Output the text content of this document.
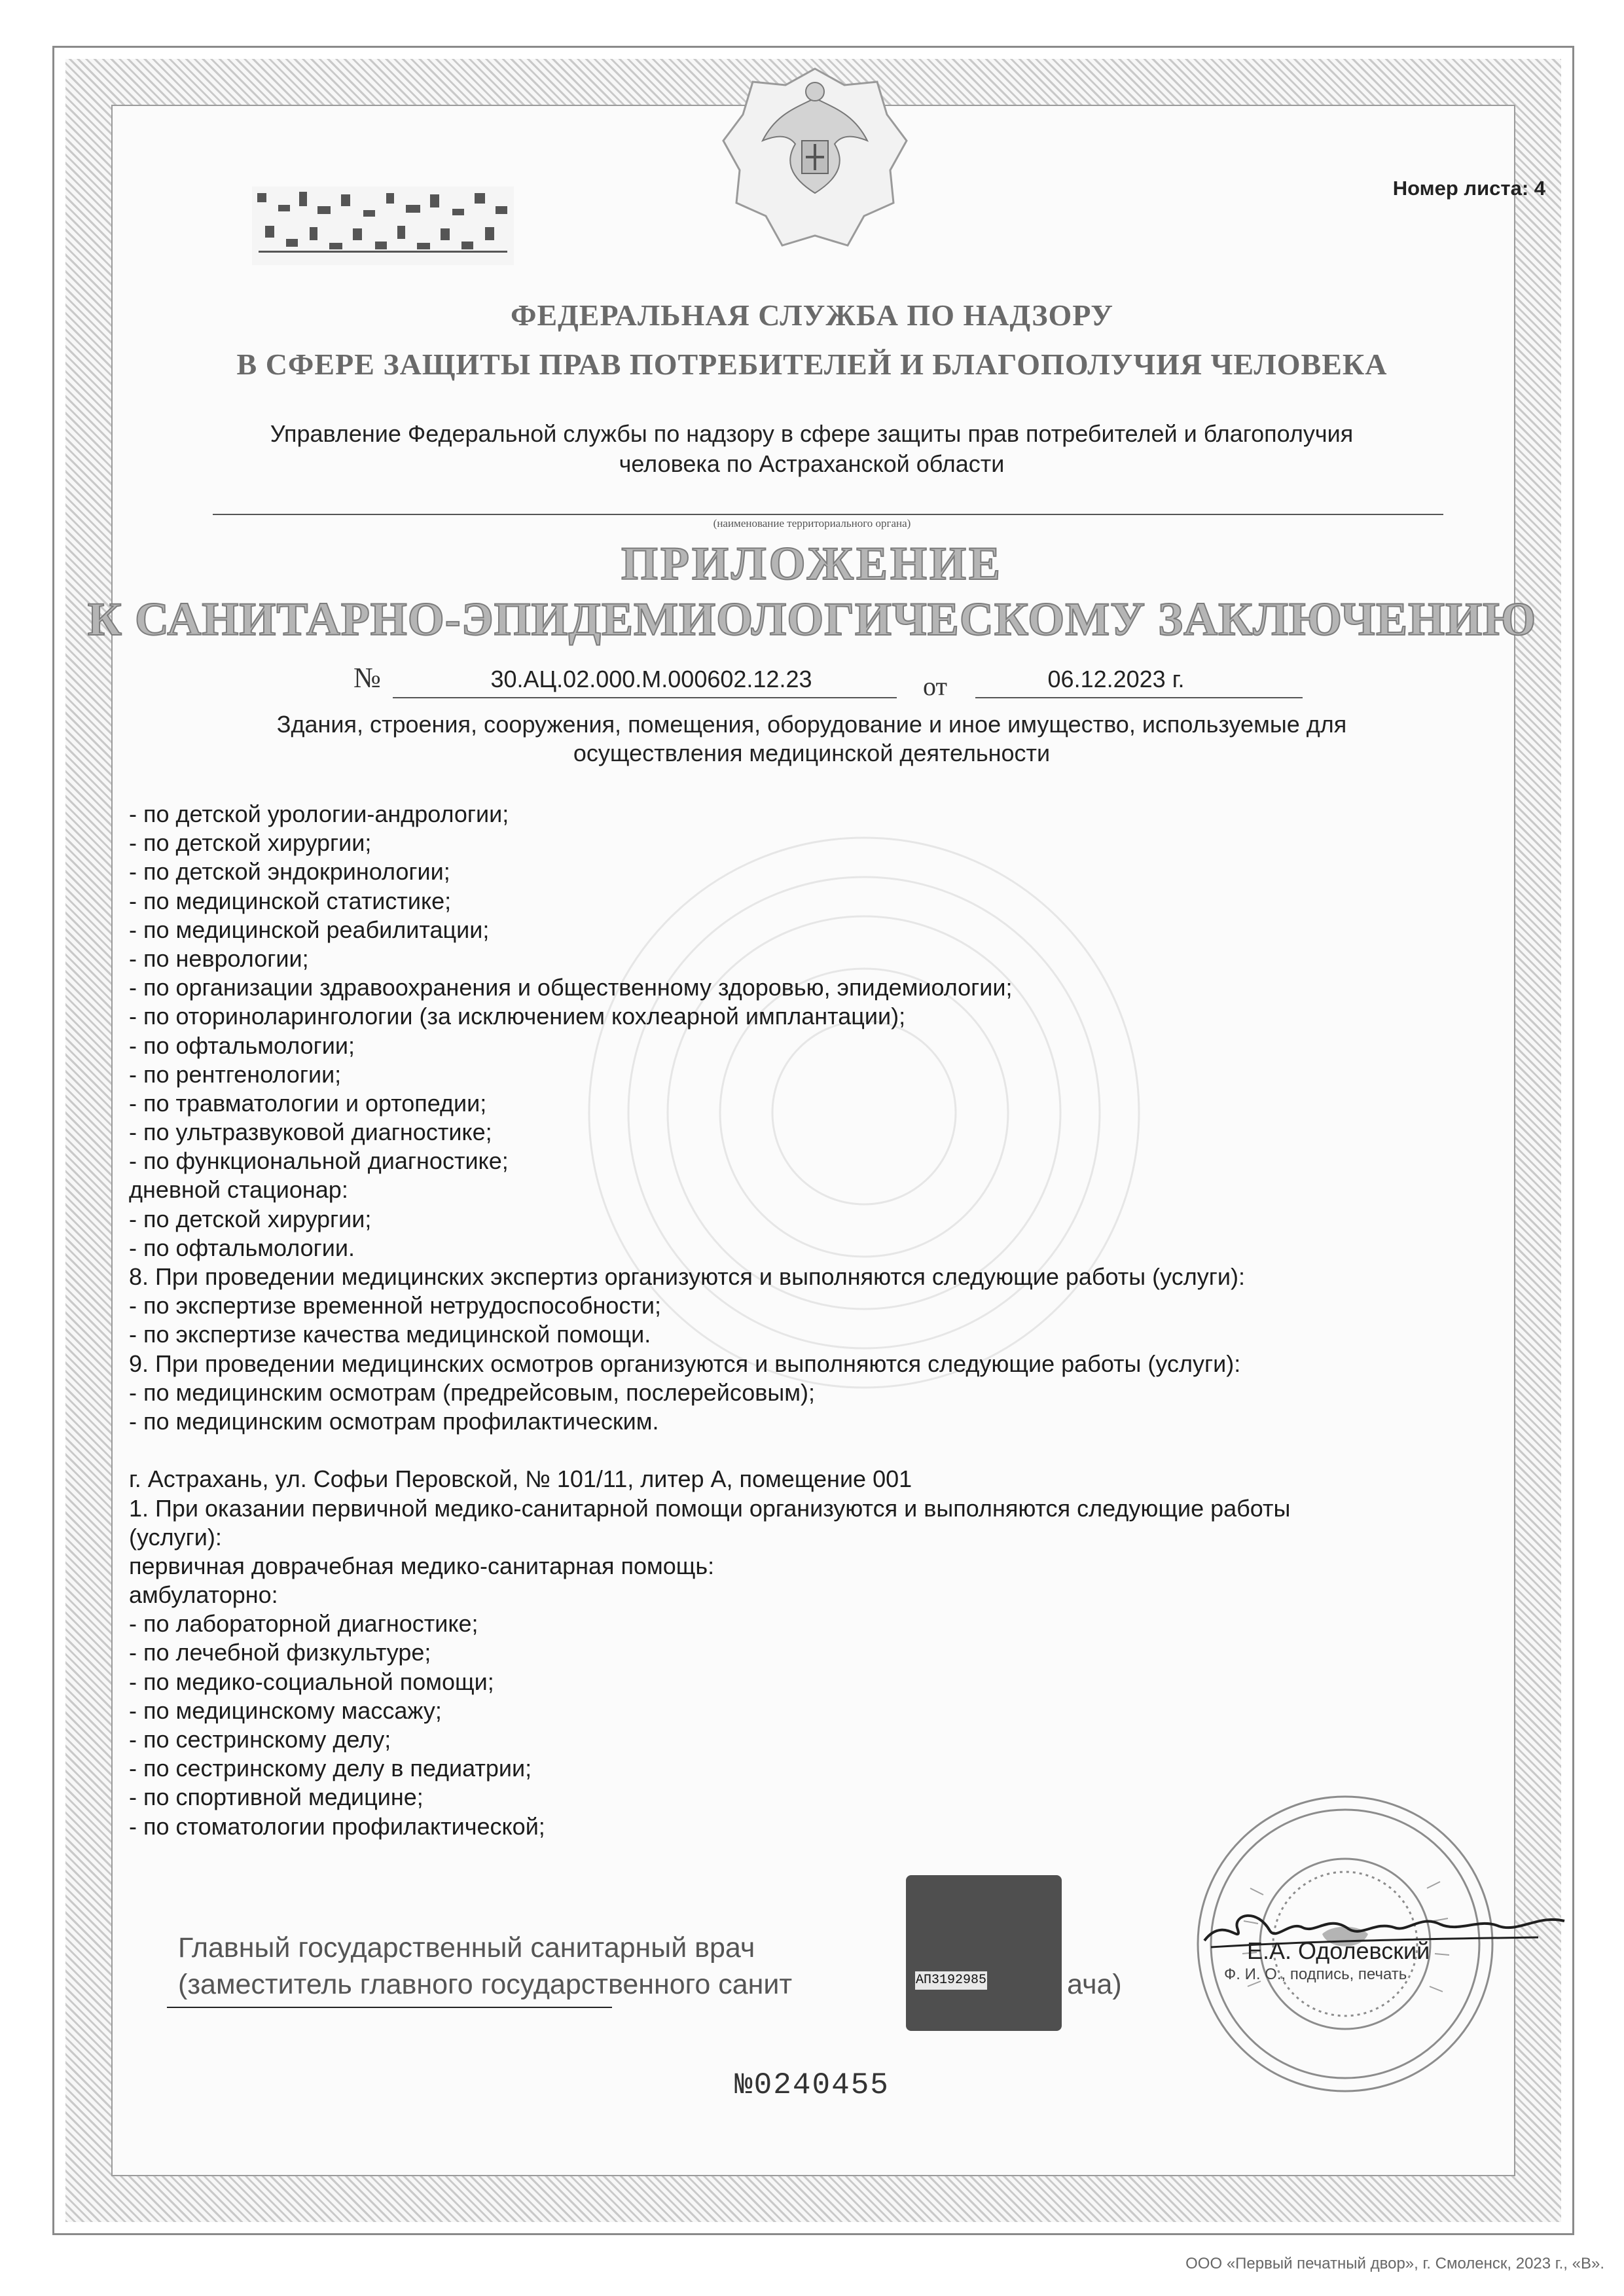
Номер листа: 4
ФЕДЕРАЛЬНАЯ СЛУЖБА ПО НАДЗОРУ
В СФЕРЕ ЗАЩИТЫ ПРАВ ПОТРЕБИТЕЛЕЙ И БЛАГОПОЛУЧИЯ ЧЕЛОВЕКА
Управление Федеральной службы по надзору в сфере защиты прав потребителей и благополучия
человека по Астраханской области
(наименование территориального органа)
ПРИЛОЖЕНИЕ
К САНИТАРНО-ЭПИДЕМИОЛОГИЧЕСКОМУ ЗАКЛЮЧЕНИЮ
№	30.АЦ.02.000.М.000602.12.23	от	06.12.2023 г.
Здания, строения, сооружения, помещения, оборудование и иное имущество, используемые для
осуществления медицинской деятельности
- по детской урологии-андрологии;
- по детской хирургии;
- по детской эндокринологии;
- по медицинской статистике;
- по медицинской реабилитации;
- по неврологии;
- по организации здравоохранения и общественному здоровью, эпидемиологии;
- по оториноларингологии (за исключением кохлеарной имплантации);
- по офтальмологии;
- по рентгенологии;
- по травматологии и ортопедии;
- по ультразвуковой диагностике;
- по функциональной диагностике;
дневной стационар:
- по детской хирургии;
- по офтальмологии.
8. При проведении медицинских экспертиз организуются и выполняются следующие работы (услуги):
- по экспертизе временной нетрудоспособности;
- по экспертизе качества медицинской помощи.
9. При проведении медицинских осмотров организуются и выполняются следующие работы (услуги):
- по медицинским осмотрам (предрейсовым, послерейсовым);
- по медицинским осмотрам профилактическим.
г. Астрахань, ул. Софьи Перовской, № 101/11, литер А, помещение 001
1. При оказании первичной медико-санитарной помощи организуются и выполняются следующие работы
(услуги):
первичная доврачебная медико-санитарная помощь:
амбулаторно:
- по лабораторной диагностике;
- по лечебной физкультуре;
- по медико-социальной помощи;
- по медицинскому массажу;
- по сестринскому делу;
- по сестринскому делу в педиатрии;
- по спортивной медицине;
- по стоматологии профилактической;
Главный государственный санитарный врач
(заместитель главного государственного санит	ача)
АП3192985
Е.А. Одолевский
Ф. И. О., подпись, печать
№0240455
ООО «Первый печатный двор», г. Смоленск, 2023 г., «В».
